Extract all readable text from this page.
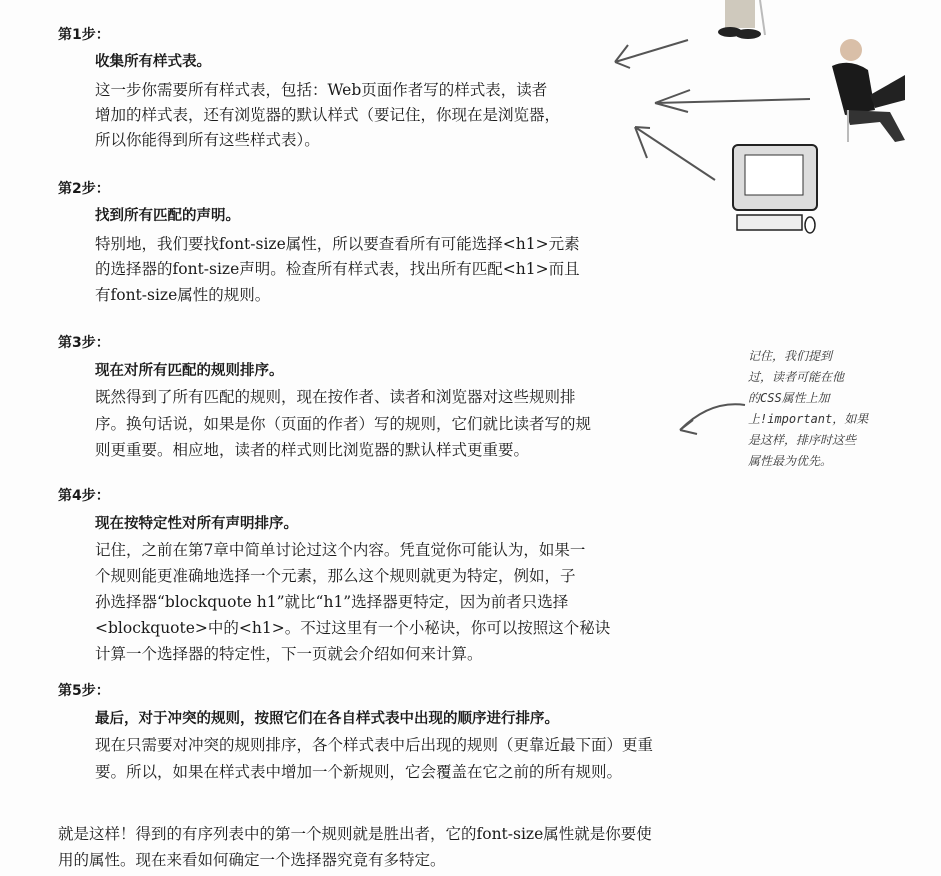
第1步：
收集所有样式表。
这一步你需要所有样式表，包括：Web页面作者写的样式表，读者
增加的样式表，还有浏览器的默认样式（要记住，你现在是浏览器，
所以你能得到所有这些样式表）。
第2步：
找到所有匹配的声明。
特别地，我们要找font-size属性，所以要查看所有可能选择<h1>元素
的选择器的font-size声明。检查所有样式表，找出所有匹配<h1>而且
有font-size属性的规则。
第3步：
现在对所有匹配的规则排序。
既然得到了所有匹配的规则，现在按作者、读者和浏览器对这些规则排
序。换句话说，如果是你（页面的作者）写的规则，它们就比读者写的规
则更重要。相应地，读者的样式则比浏览器的默认样式更重要。
第4步：
现在按特定性对所有声明排序。
记住，之前在第7章中简单讨论过这个内容。凭直觉你可能认为，如果一
个规则能更准确地选择一个元素，那么这个规则就更为特定，例如，子
孙选择器“blockquote h1”就比“h1”选择器更特定，因为前者只选择
<blockquote>中的<h1>。不过这里有一个小秘诀，你可以按照这个秘诀
计算一个选择器的特定性，下一页就会介绍如何来计算。
第5步：
最后，对于冲突的规则，按照它们在各自样式表中出现的顺序进行排序。
现在只需要对冲突的规则排序，各个样式表中后出现的规则（更靠近最下面）更重
要。所以，如果在样式表中增加一个新规则，它会覆盖在它之前的所有规则。
就是这样！得到的有序列表中的第一个规则就是胜出者，它的font-size属性就是你要使
用的属性。现在来看如何确定一个选择器究竟有多特定。
记住，我们提到
过，读者可能在他
的CSS属性上加
上!important，如果
是这样，排序时这些
属性最为优先。
